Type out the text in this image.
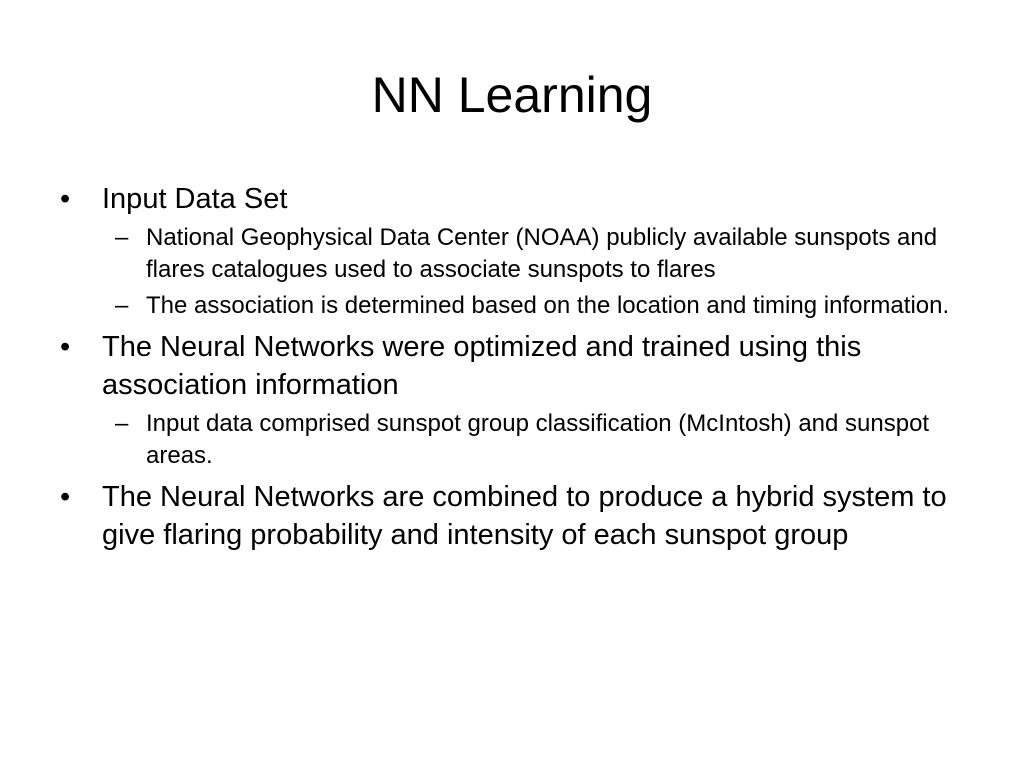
NN Learning
•	Input Data Set
– National Geophysical Data Center (NOAA) publicly available sunspots and flares catalogues used to associate sunspots to flares
– The association is determined based on the location and timing information.
•	The Neural Networks were optimized and trained using this association information
– Input data comprised sunspot group classification (McIntosh) and sunspot areas.
•	The Neural Networks are combined to produce a hybrid system to give flaring probability and intensity of each sunspot group
